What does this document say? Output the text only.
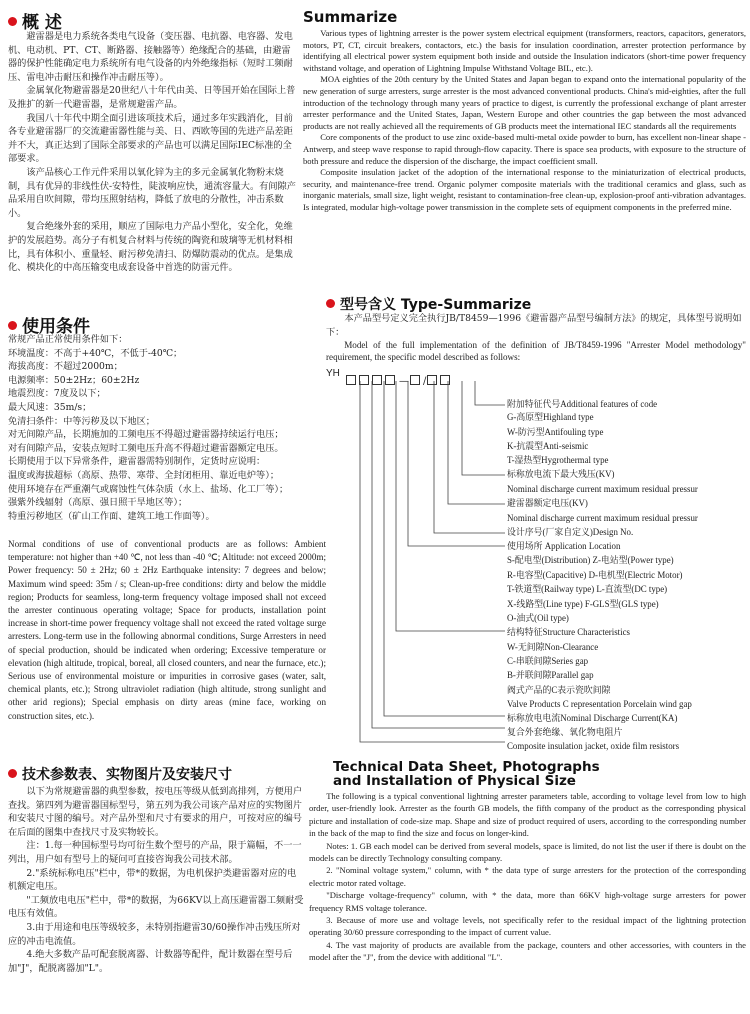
概 述

避雷器是电力系统各类电气设备（变压器、电抗器、电容器、发电机、电动机、PT、CT、断路器、接触器等）绝缘配合的基础，由避雷器的保护性能确定电力系统所有电气设备的内外绝缘指标（短时工频耐压、雷电冲击耐压和操作冲击耐压等）。

金属氧化物避雷器是20世纪八十年代由美、日等国开始在国际上普及推扩的新一代避雷器，是常规避雷产品。

我国八十年代中期全面引进该项技术后，通过多年实践消化，目前各专业避雷器厂的交流避雷器性能与美、日、西欧等国的先进产品差距并不大，真正达到了国际全部要求的产品也可以满足国际IEC标准的全部要求。

该产品核心工作元件采用以氧化锌为主的多元金属氧化物粉末烧制，具有优异的非线性伏-安特性，陡波响应快，通流容量大。有间隙产品采用自吹间隙，带均压照射结构，降低了放电的分散性，冲击系数小。

复合绝缘外套的采用，顺应了国际电力产品小型化，安全化，免维护的发展趋势。高分子有机复合材料与传统的陶瓷和玻璃等无机材料相比，具有体积小、重量轻、耐污秽免清扫、防爆防震动的优点。是集成化、模块化的中高压输变电成套设备中首选的防雷元件。

使用条件
常规产品正常使用条件如下：
环境温度：不高于+40℃，不低于-40℃；
海拔高度：不超过2000m；
电源频率：50±2Hz；60±2Hz
地震烈度：7度及以下；
最大风速：35m/s；
免清扫条件：中等污秽及以下地区；
对无间隙产品，长期施加的工频电压不得超过避雷器持续运行电压；
对有间隙产品，安装点短时工频电压升高不得超过避雷器额定电压。
长期使用于以下异常条件，避雷器需特别制作，定货时应说明：
温度或海拔超标（高原、热带、寒带、全封闭柜用、靠近电炉等）；
使用环境存在严重潮气或腐蚀性气体杂质（水上、盐场、化工厂等）；
强紫外线辐射（高原、强日照干旱地区等）；
特重污秽地区（矿山工作面、建筑工地工作面等）。
Normal conditions of use of conventional products are as follows: Ambient temperature: not higher than +40 ℃, not less than -40 ℃; Altitude: not exceed 2000m; Power frequency: 50 ± 2Hz; 60 ± 2Hz Earthquake intensity: 7 degrees and below; Maximum wind speed: 35m / s; Clean-up-free conditions: dirty and below the middle region; Products for seamless, long-term frequency voltage imposed shall not exceed the arrester continuous operating voltage; Space for products, installation point increase in short-time power frequency voltage shall not exceed the rated voltage surge arresters. Long-term use in the following abnormal conditions, Surge Arresters in need of special production, should be indicated when ordering; Excessive temperature or elevation (high altitude, tropical, boreal, all closed counters, and near the furnace, etc.); Serious use of environmental moisture or impurities in corrosive gases (water, salt, chemical plants, etc.); Strong ultraviolet radiation (high altitude, strong sunlight and other arid regions); Special emphasis on dirty areas (mine face, working on construction sites, etc.).
技术参数表、实物图片及安装尺寸

以下为常规避雷器的典型参数，按电压等级从低到高排列，方便用户查找。第四列为避雷器国标型号，第五列为我公司该产品对应的实物图片和安装尺寸图的编号。对产品外型和尺寸有要求的用户，可按对应的编号在后面的图集中查找尺寸及实物较长。

注：1.每一种国标型号均可衍生数个型号的产品，限于篇幅，不一一列出，用户如有型号上的疑问可直接咨询我公司技术部。

2."系统标称电压"栏中，带*的数据，为电机保护类避雷器对应的电机额定电压。

"工频放电电压"栏中，带*的数据，为66KV以上高压避雷器工频耐受电压有效值。

3.由于用途和电压等级较多，未特别指避雷30/60操作冲击残压所对应的冲击电流值。

4.绝大多数产品可配套脱离器、计数器等配件，配计数器在型号后加"J"，配脱离器加"L"。

Summarize

Various types of lightning arrester is the power system electrical equipment (transformers, reactors, capacitors, generators, motors, PT, CT, circuit breakers, contactors, etc.) the basis for insulation coordination, arrester protection performance by identifying all electrical power system equipment both inside and outside the Insulation indicators (short-time power frequency withstand voltage, and operation of Lightning Impulse Withstand Voltage BIL, etc.).

MOA eighties of the 20th century by the United States and Japan began to expand onto the international popularity of the new generation of surge arresters, surge arrester is the most advanced conventional products. China's mid-eighties, after the full introduction of the technology through many years of practice to digest, is currently the professional exchange of plant arrester arrester performance and the United States, Japan, Western Europe and other countries the gap between the most advanced products are not really achieved all the requirements of GB products meet the international IEC standards all the requirements

Core components of the product to use zinc oxide-based multi-metal oxide powder to burn, has excellent non-linear shape - Antwerp, and steep wave response to rapid through-flow capacity. There is space sea products, with exposure to the structure of both pressure and reduce the dispersion of the discharge, the impact coefficient small.

Composite insulation jacket of the adoption of the international response to the miniaturization of electrical products, security, and maintenance-free trend. Organic polymer composite materials with the traditional ceramics and glass, such as inorganic materials, small size, light weight, resistant to contamination-free clean-up, explosion-proof anti-vibration advantages. Is integrated, modular high-voltage power transmission in the complete sets of equipment components in the preferred mine.

型号含义 Type-Summarize

本产品型号定义完全执行JB/T8459—1996《避雷器产品型号编制方法》的规定，具体型号说明如下：

Model of the full implementation of the definition of JB/T8459-1996 "Arrester Model methodology" requirement, the specific model described as follows:

YH
— /
附加特征代号Additional features of code
G-高原型Highland type
W-防污型Antifouling type
K-抗震型Anti-seismic
T-湿热型Hygrothermal type
标称放电流下最大残压(KV)
Nominal discharge current maximum residual pressur
避雷器额定电压(KV)
Nominal discharge current maximum residual pressur
设计序号(厂家自定义)Design No.
使用场所 Application Location
S-配电型(Distribution) Z-电站型(Power type)
R-电容型(Capacitive) D-电机型(Electric Motor)
T-铁道型(Railway type) L-直流型(DC type)
X-线路型(Line type) F-GLS型(GLS type)
O-油式(Oil type)
结构特征Structure Characteristics
W-无间隙Non-Clearance
C-串联间隙Series gap
B-并联间隙Parallel gap
阀式产品的C表示瓷吹间隙
Valve Products C representation Porcelain wind gap
标称放电电流Nominal Discharge Current(KA)
复合外套绝缘、氧化物电阻片
Composite insulation jacket, oxide film resistors
Technical Data Sheet, Photographs
and Installation of Physical Size

The following is a typical conventional lightning arrester parameters table, according to voltage level from low to high order, user-friendly look. Arrester as the fourth GB models, the fifth company of the product as the corresponding physical picture and installation of code-size map. Shape and size of product required of users, according to the corresponding number in the back of the map to find the size and focus on longer-kind.

Notes: 1. GB each model can be derived from several models, space is limited, do not list the user if there is doubt on the models can be directly Technology consulting company.

2. "Nominal voltage system," column, with * the data type of surge arresters for the protection of the corresponding electric motor rated voltage.

"Discharge voltage-frequency" column, with * the data, more than 66KV high-voltage surge arresters for power frequency RMS voltage tolerance.

3. Because of more use and voltage levels, not specifically refer to the residual impact of the lightning protection operating 30/60 pressure corresponding to the impact of current value.

4. The vast majority of products are available from the package, counters and other accessories, with counters in the model after the "J", from the device with additional "L".
